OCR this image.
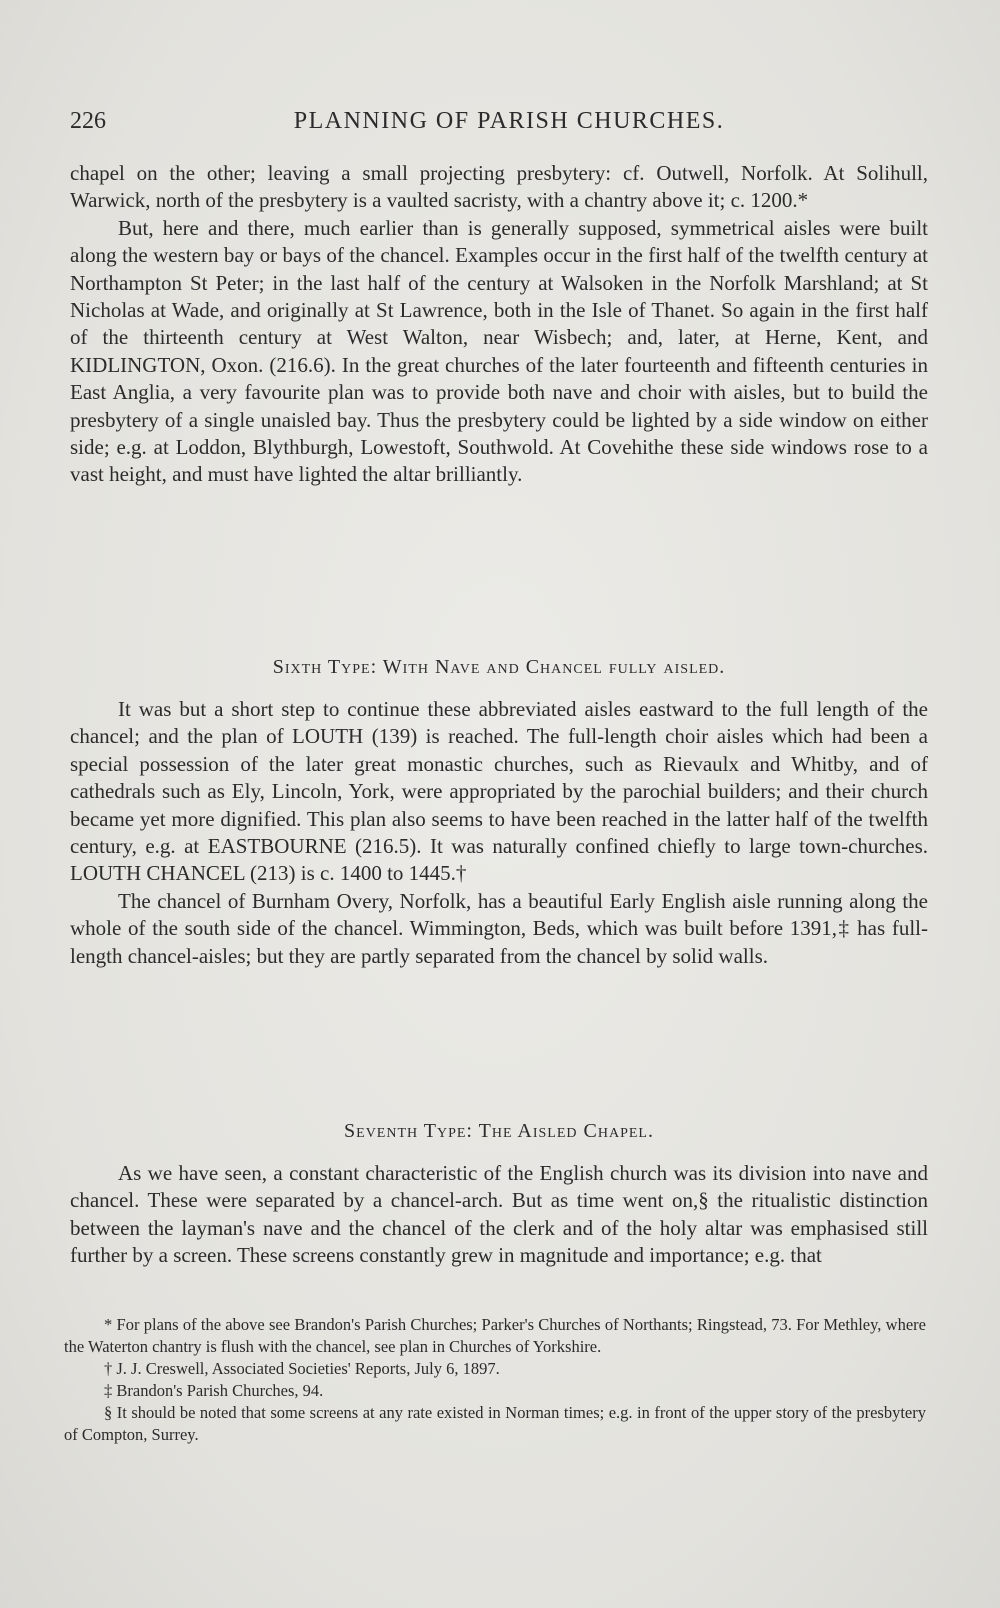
226	PLANNING OF PARISH CHURCHES.

chapel on the other; leaving a small projecting presbytery: cf. Outwell, Norfolk. At Solihull, Warwick, north of the presbytery is a vaulted sacristy, with a chantry above it; c. 1200.*

But, here and there, much earlier than is generally supposed, symmetrical aisles were built along the western bay or bays of the chancel. Examples occur in the first half of the twelfth century at Northampton St Peter; in the last half of the century at Walsoken in the Norfolk Marshland; at St Nicholas at Wade, and originally at St Lawrence, both in the Isle of Thanet. So again in the first half of the thirteenth century at West Walton, near Wisbech; and, later, at Herne, Kent, and KIDLINGTON, Oxon. (216.6). In the great churches of the later fourteenth and fifteenth centuries in East Anglia, a very favourite plan was to provide both nave and choir with aisles, but to build the presbytery of a single unaisled bay. Thus the presbytery could be lighted by a side window on either side; e.g. at Loddon, Blythburgh, Lowestoft, Southwold. At Covehithe these side windows rose to a vast height, and must have lighted the altar brilliantly.

Sixth Type: With Nave and Chancel fully aisled.

It was but a short step to continue these abbreviated aisles eastward to the full length of the chancel; and the plan of LOUTH (139) is reached. The full-length choir aisles which had been a special possession of the later great monastic churches, such as Rievaulx and Whitby, and of cathedrals such as Ely, Lincoln, York, were appropriated by the parochial builders; and their church became yet more dignified. This plan also seems to have been reached in the latter half of the twelfth century, e.g. at EASTBOURNE (216.5). It was naturally confined chiefly to large town-churches. LOUTH CHANCEL (213) is c. 1400 to 1445.†

The chancel of Burnham Overy, Norfolk, has a beautiful Early English aisle running along the whole of the south side of the chancel. Wimmington, Beds, which was built before 1391,‡ has full-length chancel-aisles; but they are partly separated from the chancel by solid walls.

Seventh Type: The Aisled Chapel.

As we have seen, a constant characteristic of the English church was its division into nave and chancel. These were separated by a chancel-arch. But as time went on,§ the ritualistic distinction between the layman's nave and the chancel of the clerk and of the holy altar was emphasised still further by a screen. These screens constantly grew in magnitude and importance; e.g. that

* For plans of the above see Brandon's Parish Churches; Parker's Churches of Northants; Ringstead, 73. For Methley, where the Waterton chantry is flush with the chancel, see plan in Churches of Yorkshire.

† J. J. Creswell, Associated Societies' Reports, July 6, 1897.

‡ Brandon's Parish Churches, 94.

§ It should be noted that some screens at any rate existed in Norman times; e.g. in front of the upper story of the presbytery of Compton, Surrey.
